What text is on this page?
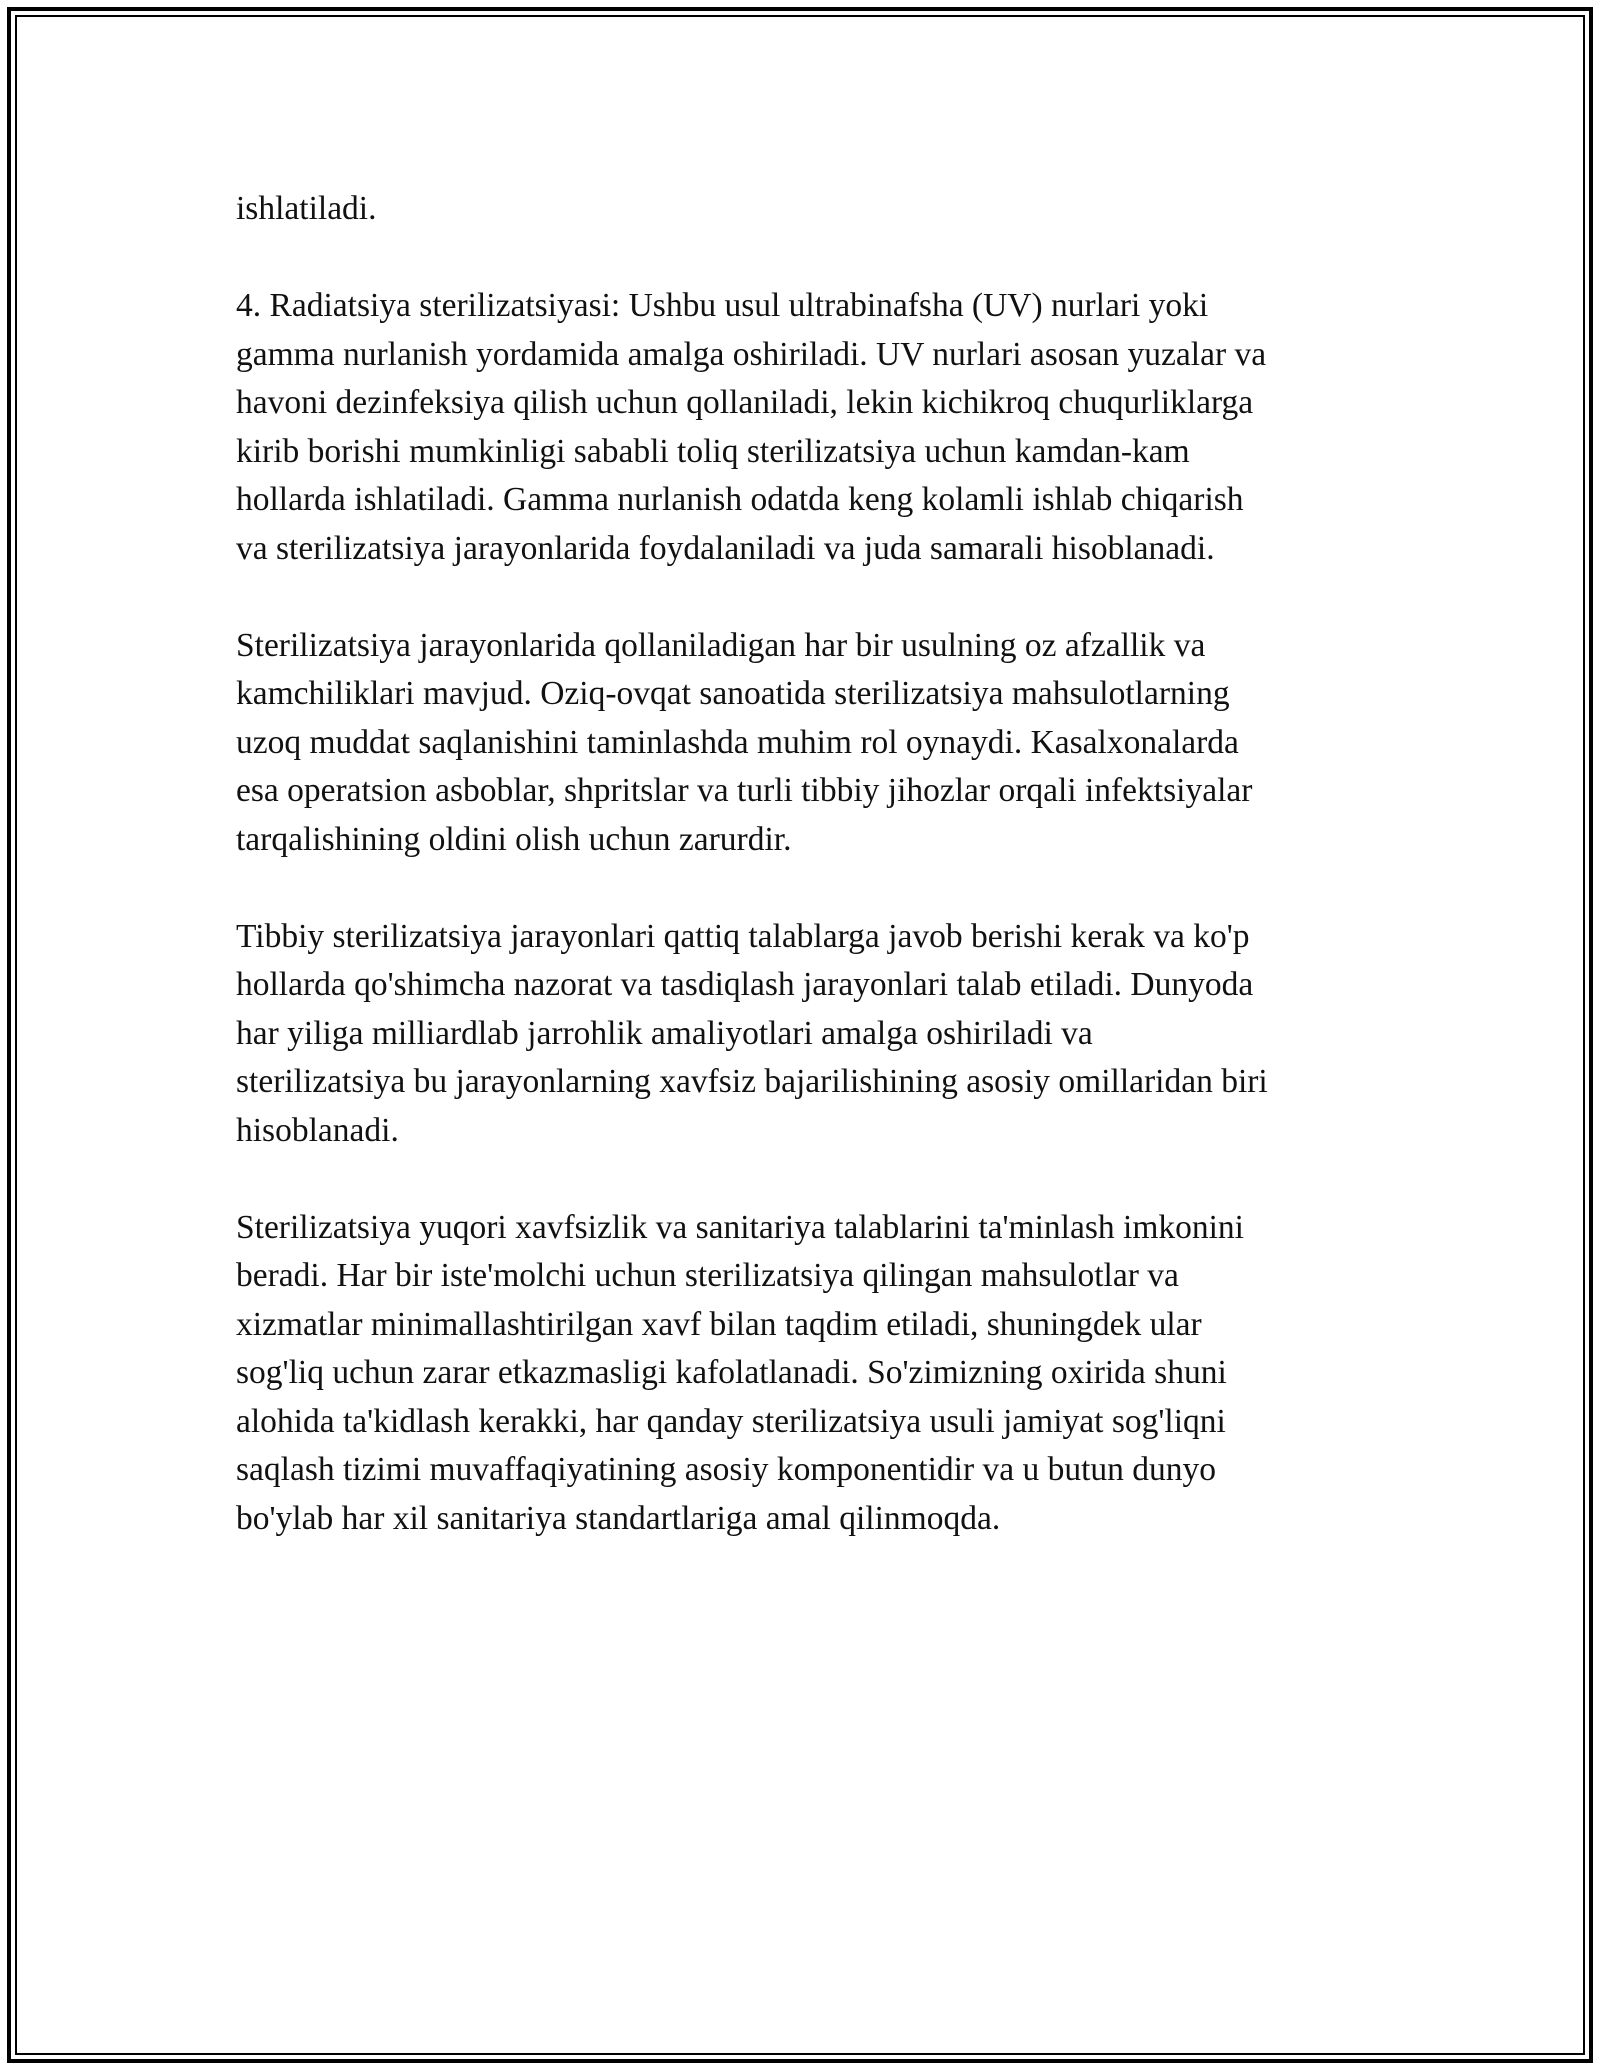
ishlatiladi.

4. Radiatsiya sterilizatsiyasi: Ushbu usul ultrabinafsha (UV) nurlari yoki
gamma nurlanish yordamida amalga oshiriladi. UV nurlari asosan yuzalar va
havoni dezinfeksiya qilish uchun qollaniladi, lekin kichikroq chuqurliklarga
kirib borishi mumkinligi sababli toliq sterilizatsiya uchun kamdan-kam
hollarda ishlatiladi. Gamma nurlanish odatda keng kolamli ishlab chiqarish
va sterilizatsiya jarayonlarida foydalaniladi va juda samarali hisoblanadi.

Sterilizatsiya jarayonlarida qollaniladigan har bir usulning oz afzallik va
kamchiliklari mavjud. Oziq-ovqat sanoatida sterilizatsiya mahsulotlarning
uzoq muddat saqlanishini taminlashda muhim rol oynaydi. Kasalxonalarda
esa operatsion asboblar, shpritslar va turli tibbiy jihozlar orqali infektsiyalar
tarqalishining oldini olish uchun zarurdir.

Tibbiy sterilizatsiya jarayonlari qattiq talablarga javob berishi kerak va ko'p
hollarda qo'shimcha nazorat va tasdiqlash jarayonlari talab etiladi. Dunyoda
har yiliga milliardlab jarrohlik amaliyotlari amalga oshiriladi va
sterilizatsiya bu jarayonlarning xavfsiz bajarilishining asosiy omillaridan biri
hisoblanadi.

Sterilizatsiya yuqori xavfsizlik va sanitariya talablarini ta'minlash imkonini
beradi. Har bir iste'molchi uchun sterilizatsiya qilingan mahsulotlar va
xizmatlar minimallashtirilgan xavf bilan taqdim etiladi, shuningdek ular
sog'liq uchun zarar etkazmasligi kafolatlanadi. So'zimizning oxirida shuni
alohida ta'kidlash kerakki, har qanday sterilizatsiya usuli jamiyat sog'liqni
saqlash tizimi muvaffaqiyatining asosiy komponentidir va u butun dunyo
bo'ylab har xil sanitariya standartlariga amal qilinmoqda.
